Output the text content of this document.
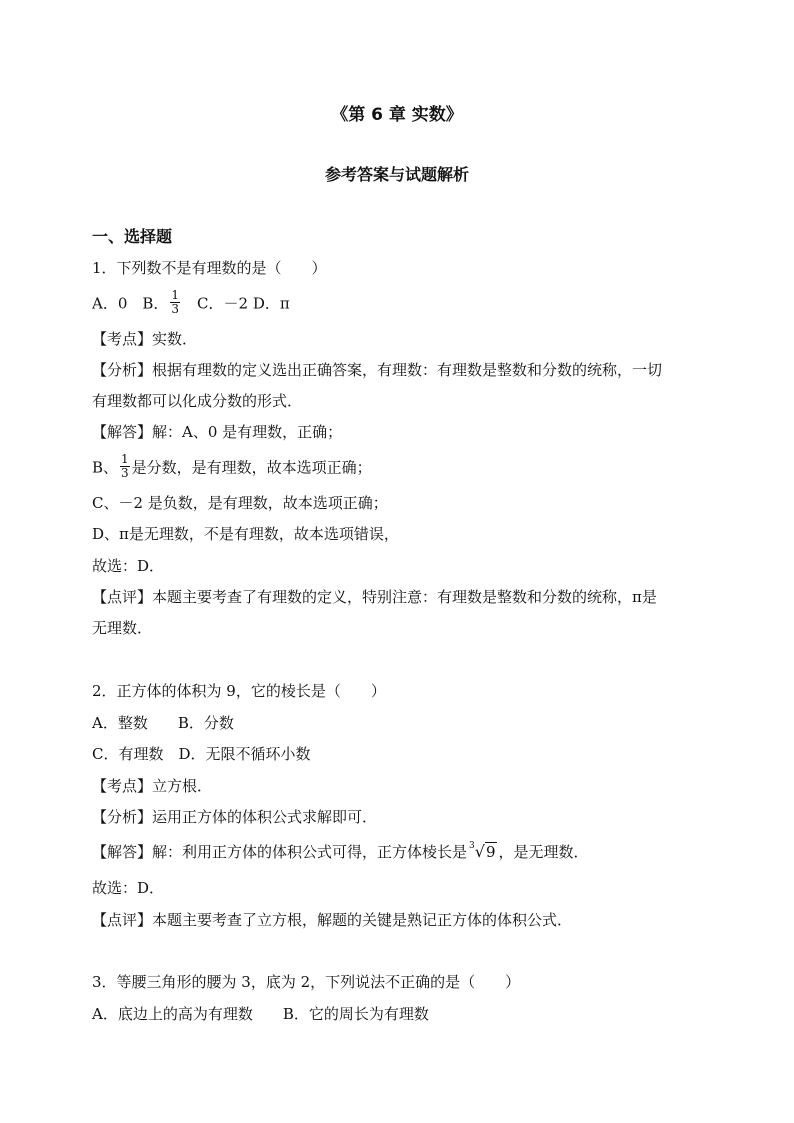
《第 6 章 实数》
参考答案与试题解析
一、选择题
1．下列数不是有理数的是（　　）
A．0　B． $\frac{1}{3}$ 　C．－2 D．π
【考点】实数．
【分析】根据有理数的定义选出正确答案，有理数：有理数是整数和分数的统称，一切
有理数都可以化成分数的形式．
【解答】解：A、0 是有理数，正确；
B、 $\frac{1}{3}$ 是分数，是有理数，故本选项正确；
C、－2 是负数，是有理数，故本选项正确；
D、π是无理数，不是有理数，故本选项错误，
故选：D．
【点评】本题主要考查了有理数的定义，特别注意：有理数是整数和分数的统称，π是
无理数．
2．正方体的体积为 9，它的棱长是（　　）
A．整数　　B．分数
C．有理数　D．无限不循环小数
【考点】立方根．
【分析】运用正方体的体积公式求解即可．
【解答】解：利用正方体的体积公式可得，正方体棱长是 $^3$√9 ，是无理数．
故选：D．
【点评】本题主要考查了立方根，解题的关键是熟记正方体的体积公式．
3．等腰三角形的腰为 3，底为 2，下列说法不正确的是（　　）
A．底边上的高为有理数　　B．它的周长为有理数
